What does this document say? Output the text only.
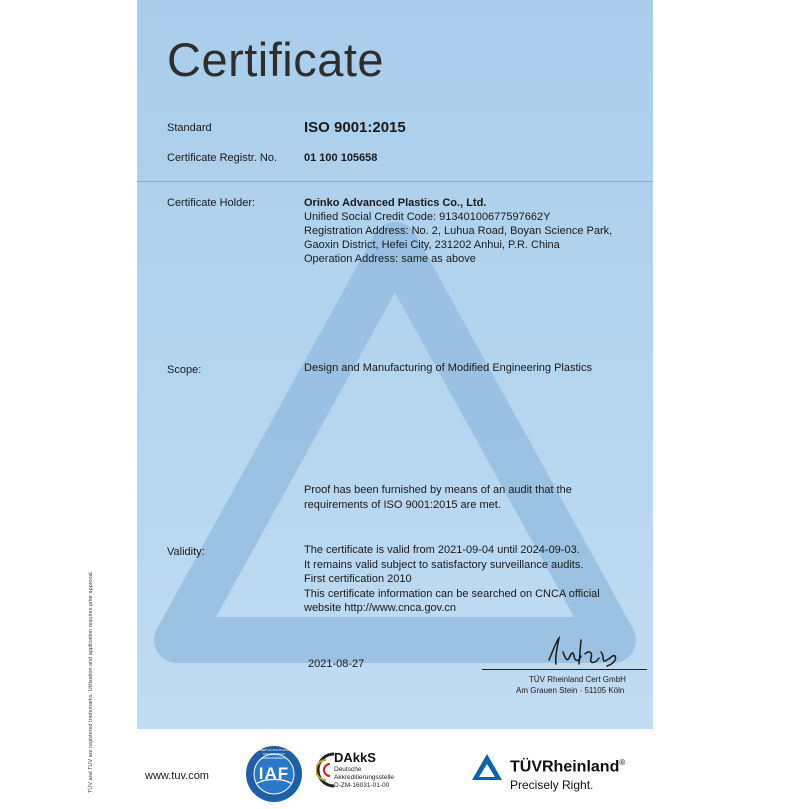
Certificate
Standard	ISO 9001:2015
Certificate Registr. No. 01 100 105658
Certificate Holder:	Orinko Advanced Plastics Co., Ltd.
Unified Social Credit Code: 91340100677597662Y
Registration Address: No. 2, Luhua Road, Boyan Science Park,
Gaoxin District, Hefei City, 231202 Anhui, P.R. China
Operation Address: same as above
Scope:	Design and Manufacturing of Modified Engineering Plastics
Proof has been furnished by means of an audit that the
requirements of ISO 9001:2015 are met.
Validity:	The certificate is valid from 2021-09-04 until 2024-09-03.
It remains valid subject to satisfactory surveillance audits.
First certification 2010
This certificate information can be searched on CNCA official
website http://www.cnca.gov.cn
2021-08-27
TÜV Rheinland Cert GmbH
Am Grauen Stein · 51105 Köln
TÜV and TUV are registered trademarks. Utilisation and application requires prior approval.	www.tuv.com	IAF
MEMBER OF MULTILATERAL RECOGNITION ARRANGEMENT	DAkkS
Deutsche
Akkreditierungsstelle
D-ZM-16031-01-00
TÜVRheinland®
Precisely Right.
